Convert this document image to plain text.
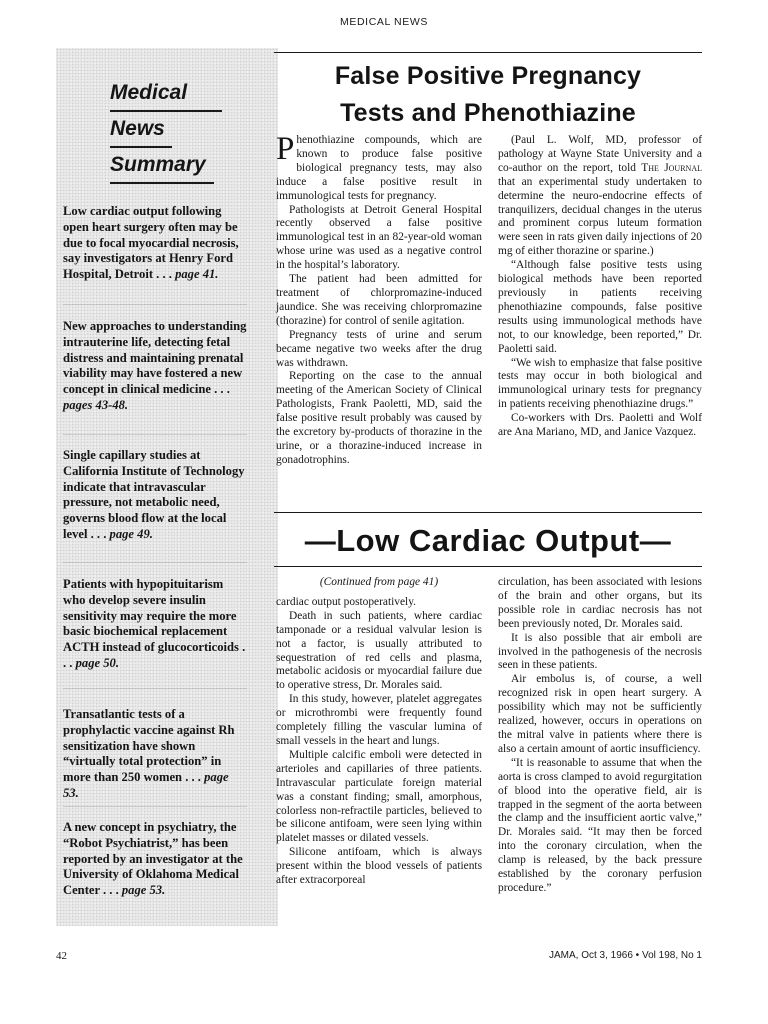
MEDICAL NEWS
Medical
News
Summary
Low cardiac output following open heart surgery often may be due to focal myocardial necrosis, say investigators at Henry Ford Hospital, Detroit . . . page 41.
New approaches to understanding intrauterine life, detecting fetal distress and maintaining prenatal viability may have fostered a new concept in clinical medicine . . . pages 43-48.
Single capillary studies at California Institute of Technology indicate that intravascular pressure, not metabolic need, governs blood flow at the local level . . . page 49.
Patients with hypopituitarism who develop severe insulin sensitivity may require the more basic biochemical replacement ACTH instead of glucocorticoids . . . page 50.
Transatlantic tests of a prophylactic vaccine against Rh sensitization have shown “virtually total protection” in more than 250 women . . . page 53.
A new concept in psychiatry, the “Robot Psychiatrist,” has been reported by an investigator at the University of Oklahoma Medical Center . . . page 53.
False Positive Pregnancy
Tests and Phenothiazine

Phenothiazine compounds, which are known to produce false positive biological pregnancy tests, may also induce a false positive result in immunological tests for pregnancy.

Pathologists at Detroit General Hospital recently observed a false positive immunological test in an 82-year-old woman whose urine was used as a negative control in the hospital’s laboratory.

The patient had been admitted for treatment of chlorpromazine-induced jaundice. She was receiving chlorpromazine (thorazine) for control of senile agitation.

Pregnancy tests of urine and serum became negative two weeks after the drug was withdrawn.

Reporting on the case to the annual meeting of the American Society of Clinical Pathologists, Frank Paoletti, MD, said the false positive result probably was caused by the excretory by-products of thorazine in the urine, or a thorazine-induced increase in gonadotrophins.

(Paul L. Wolf, MD, professor of pathology at Wayne State University and a co-author on the report, told The Journal that an experimental study undertaken to determine the neuro-endocrine effects of tranquilizers, decidual changes in the uterus and prominent corpus luteum formation were seen in rats given daily injections of 20 mg of either thorazine or sparine.)

“Although false positive tests using biological methods have been reported previously in patients receiving phenothiazine compounds, false positive results using immunological methods have not, to our knowledge, been reported,” Dr. Paoletti said.

“We wish to emphasize that false positive tests may occur in both biological and immunological urinary tests for pregnancy in patients receiving phenothiazine drugs.”

Co-workers with Drs. Paoletti and Wolf are Ana Mariano, MD, and Janice Vazquez.

—Low Cardiac Output—

(Continued from page 41)

cardiac output postoperatively.

Death in such patients, where cardiac tamponade or a residual valvular lesion is not a factor, is usually attributed to sequestration of red cells and plasma, metabolic acidosis or myocardial failure due to operative stress, Dr. Morales said.

In this study, however, platelet aggregates or microthrombi were frequently found completely filling the vascular lumina of small vessels in the heart and lungs.

Multiple calcific emboli were detected in arterioles and capillaries of three patients. Intravascular particulate foreign material was a constant finding; small, amorphous, colorless non-refractile particles, believed to be silicone antifoam, were seen lying within platelet masses or dilated vessels.

Silicone antifoam, which is always present within the blood vessels of patients after extracorporeal

circulation, has been associated with lesions of the brain and other organs, but its possible role in cardiac necrosis has not been previously noted, Dr. Morales said.

It is also possible that air emboli are involved in the pathogenesis of the necrosis seen in these patients.

Air embolus is, of course, a well recognized risk in open heart surgery. A possibility which may not be sufficiently realized, however, occurs in operations on the mitral valve in patients where there is also a certain amount of aortic insufficiency.

“It is reasonable to assume that when the aorta is cross clamped to avoid regurgitation of blood into the operative field, air is trapped in the segment of the aorta between the clamp and the insufficient aortic valve,” Dr. Morales said. “It may then be forced into the coronary circulation, when the clamp is released, by the back pressure established by the coronary perfusion procedure.”

42	JAMA, Oct 3, 1966 • Vol 198, No 1
